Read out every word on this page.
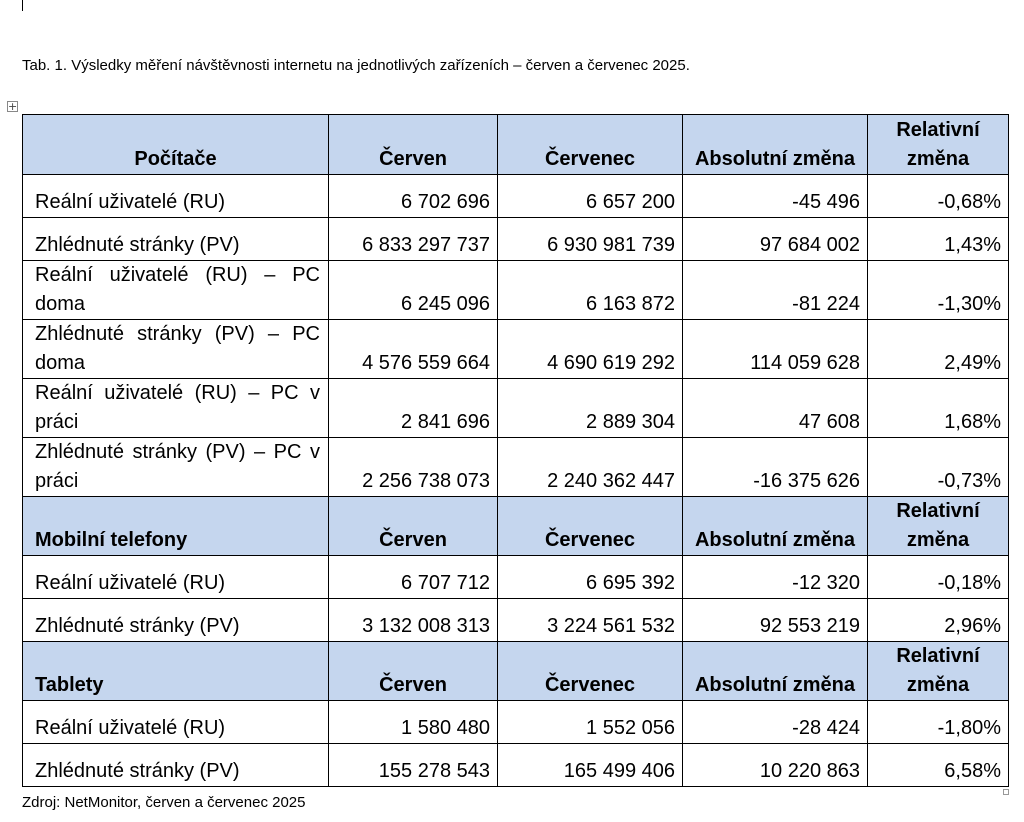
Tab. 1. Výsledky měření návštěvnosti internetu na jednotlivých zařízeních – červen a červenec 2025.
+
Počítače	Červen	Červenec	Absolutní změna	Relativní změna
Reální uživatelé (RU)	6 702 696	6 657 200	-45 496	-0,68%
Zhlédnuté stránky (PV)	6 833 297 737	6 930 981 739	97 684 002	1,43%
Reální uživatelé (RU) – PC doma	6 245 096	6 163 872	-81 224	-1,30%
Zhlédnuté stránky (PV) – PC doma	4 576 559 664	4 690 619 292	114 059 628	2,49%
Reální uživatelé (RU) – PC v práci	2 841 696	2 889 304	47 608	1,68%
Zhlédnuté stránky (PV) – PC v práci	2 256 738 073	2 240 362 447	-16 375 626	-0,73%
Mobilní telefony	Červen	Červenec	Absolutní změna	Relativní změna
Reální uživatelé (RU)	6 707 712	6 695 392	-12 320	-0,18%
Zhlédnuté stránky (PV)	3 132 008 313	3 224 561 532	92 553 219	2,96%
Tablety	Červen	Červenec	Absolutní změna	Relativní změna
Reální uživatelé (RU)	1 580 480	1 552 056	-28 424	-1,80%
Zhlédnuté stránky (PV)	155 278 543	165 499 406	10 220 863	6,58%
Zdroj: NetMonitor, červen a červenec 2025
